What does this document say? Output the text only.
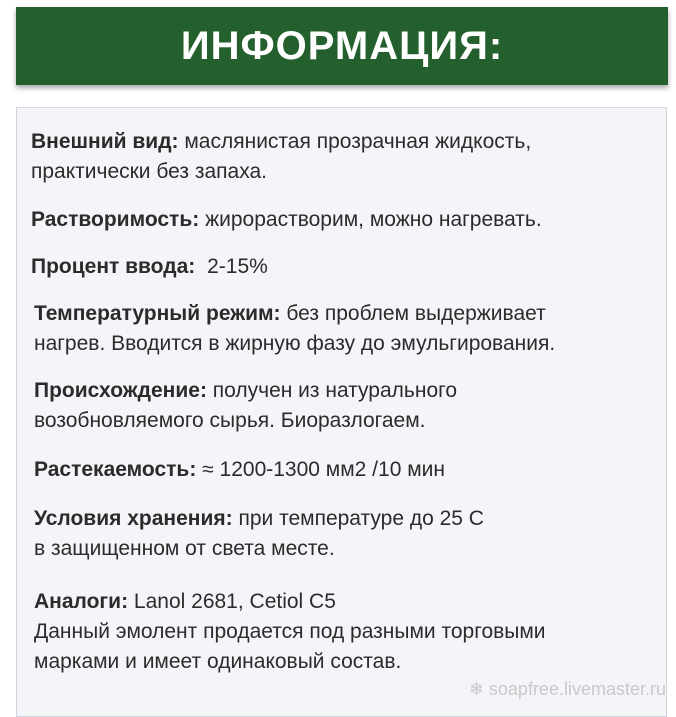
ИНФОРМАЦИЯ:
Внешний вид: маслянистая прозрачная жидкость,
практически без запаха.
Растворимость: жирорастворим, можно нагревать.
Процент ввода: 2-15%
Температурный режим: без проблем выдерживает
нагрев. Вводится в жирную фазу до эмульгирования.
Происхождение: получен из натурального
возобновляемого сырья. Биоразлогаем.
Растекаемость: ≈ 1200-1300 мм2 /10 мин
Условия хранения: при температуре до 25 С
в защищенном от света месте.
Аналоги: Lanol 2681, Cetiol C5
Данный эмолент продается под разными торговыми
марками и имеет одинаковый состав.
❄ soapfree.livemaster.ru
